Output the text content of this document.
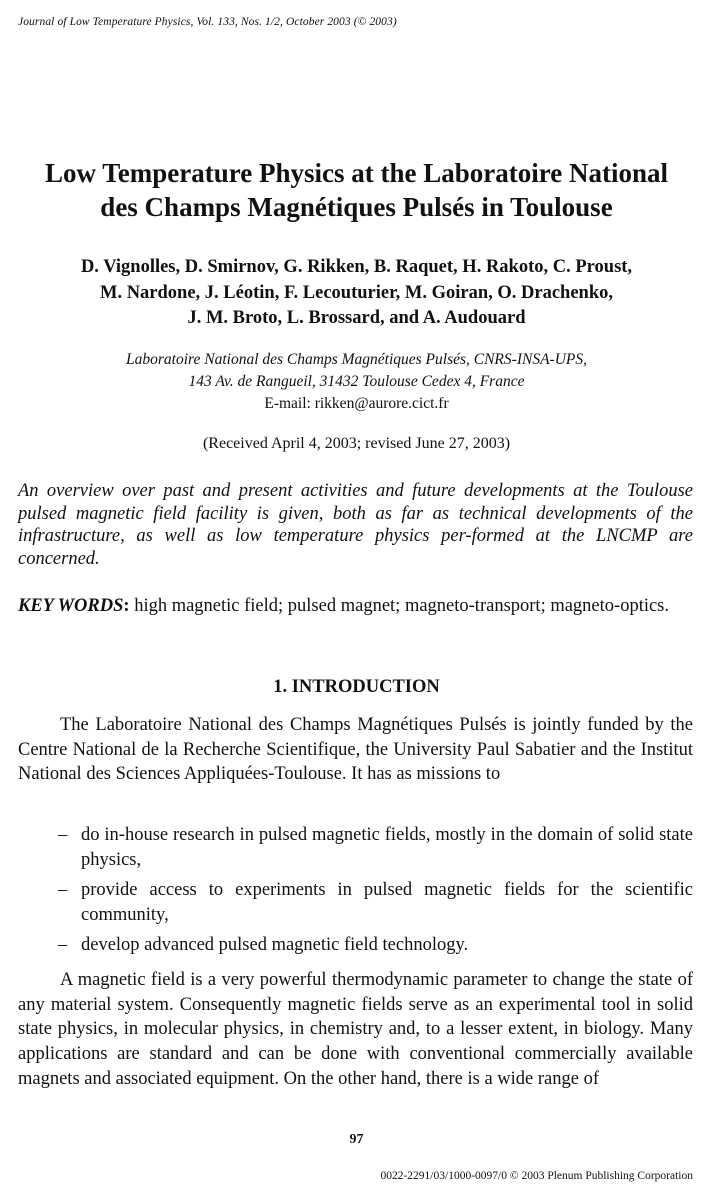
Journal of Low Temperature Physics, Vol. 133, Nos. 1/2, October 2003 (© 2003)
Low Temperature Physics at the Laboratoire National
des Champs Magnétiques Pulsés in Toulouse
D. Vignolles, D. Smirnov, G. Rikken, B. Raquet, H. Rakoto, C. Proust,
M. Nardone, J. Léotin, F. Lecouturier, M. Goiran, O. Drachenko,
J. M. Broto, L. Brossard, and A. Audouard
Laboratoire National des Champs Magnétiques Pulsés, CNRS-INSA-UPS,
143 Av. de Rangueil, 31432 Toulouse Cedex 4, France
E-mail: rikken@aurore.cict.fr
(Received April 4, 2003; revised June 27, 2003)
An overview over past and present activities and future developments at the Toulouse pulsed magnetic field facility is given, both as far as technical developments of the infrastructure, as well as low temperature physics per-formed at the LNCMP are concerned.
KEY WORDS: high magnetic field; pulsed magnet; magneto-transport; magneto-optics.
1. INTRODUCTION

The Laboratoire National des Champs Magnétiques Pulsés is jointly funded by the Centre National de la Recherche Scientifique, the University Paul Sabatier and the Institut National des Sciences Appliquées-Toulouse. It has as missions to

– do in-house research in pulsed magnetic fields, mostly in the domain of solid state physics,
– provide access to experiments in pulsed magnetic fields for the scientific community,
– develop advanced pulsed magnetic field technology.

A magnetic field is a very powerful thermodynamic parameter to change the state of any material system. Consequently magnetic fields serve as an experimental tool in solid state physics, in molecular physics, in chemistry and, to a lesser extent, in biology. Many applications are standard and can be done with conventional commercially available magnets and associated equipment. On the other hand, there is a wide range of

97
0022-2291/03/1000-0097/0 © 2003 Plenum Publishing Corporation
